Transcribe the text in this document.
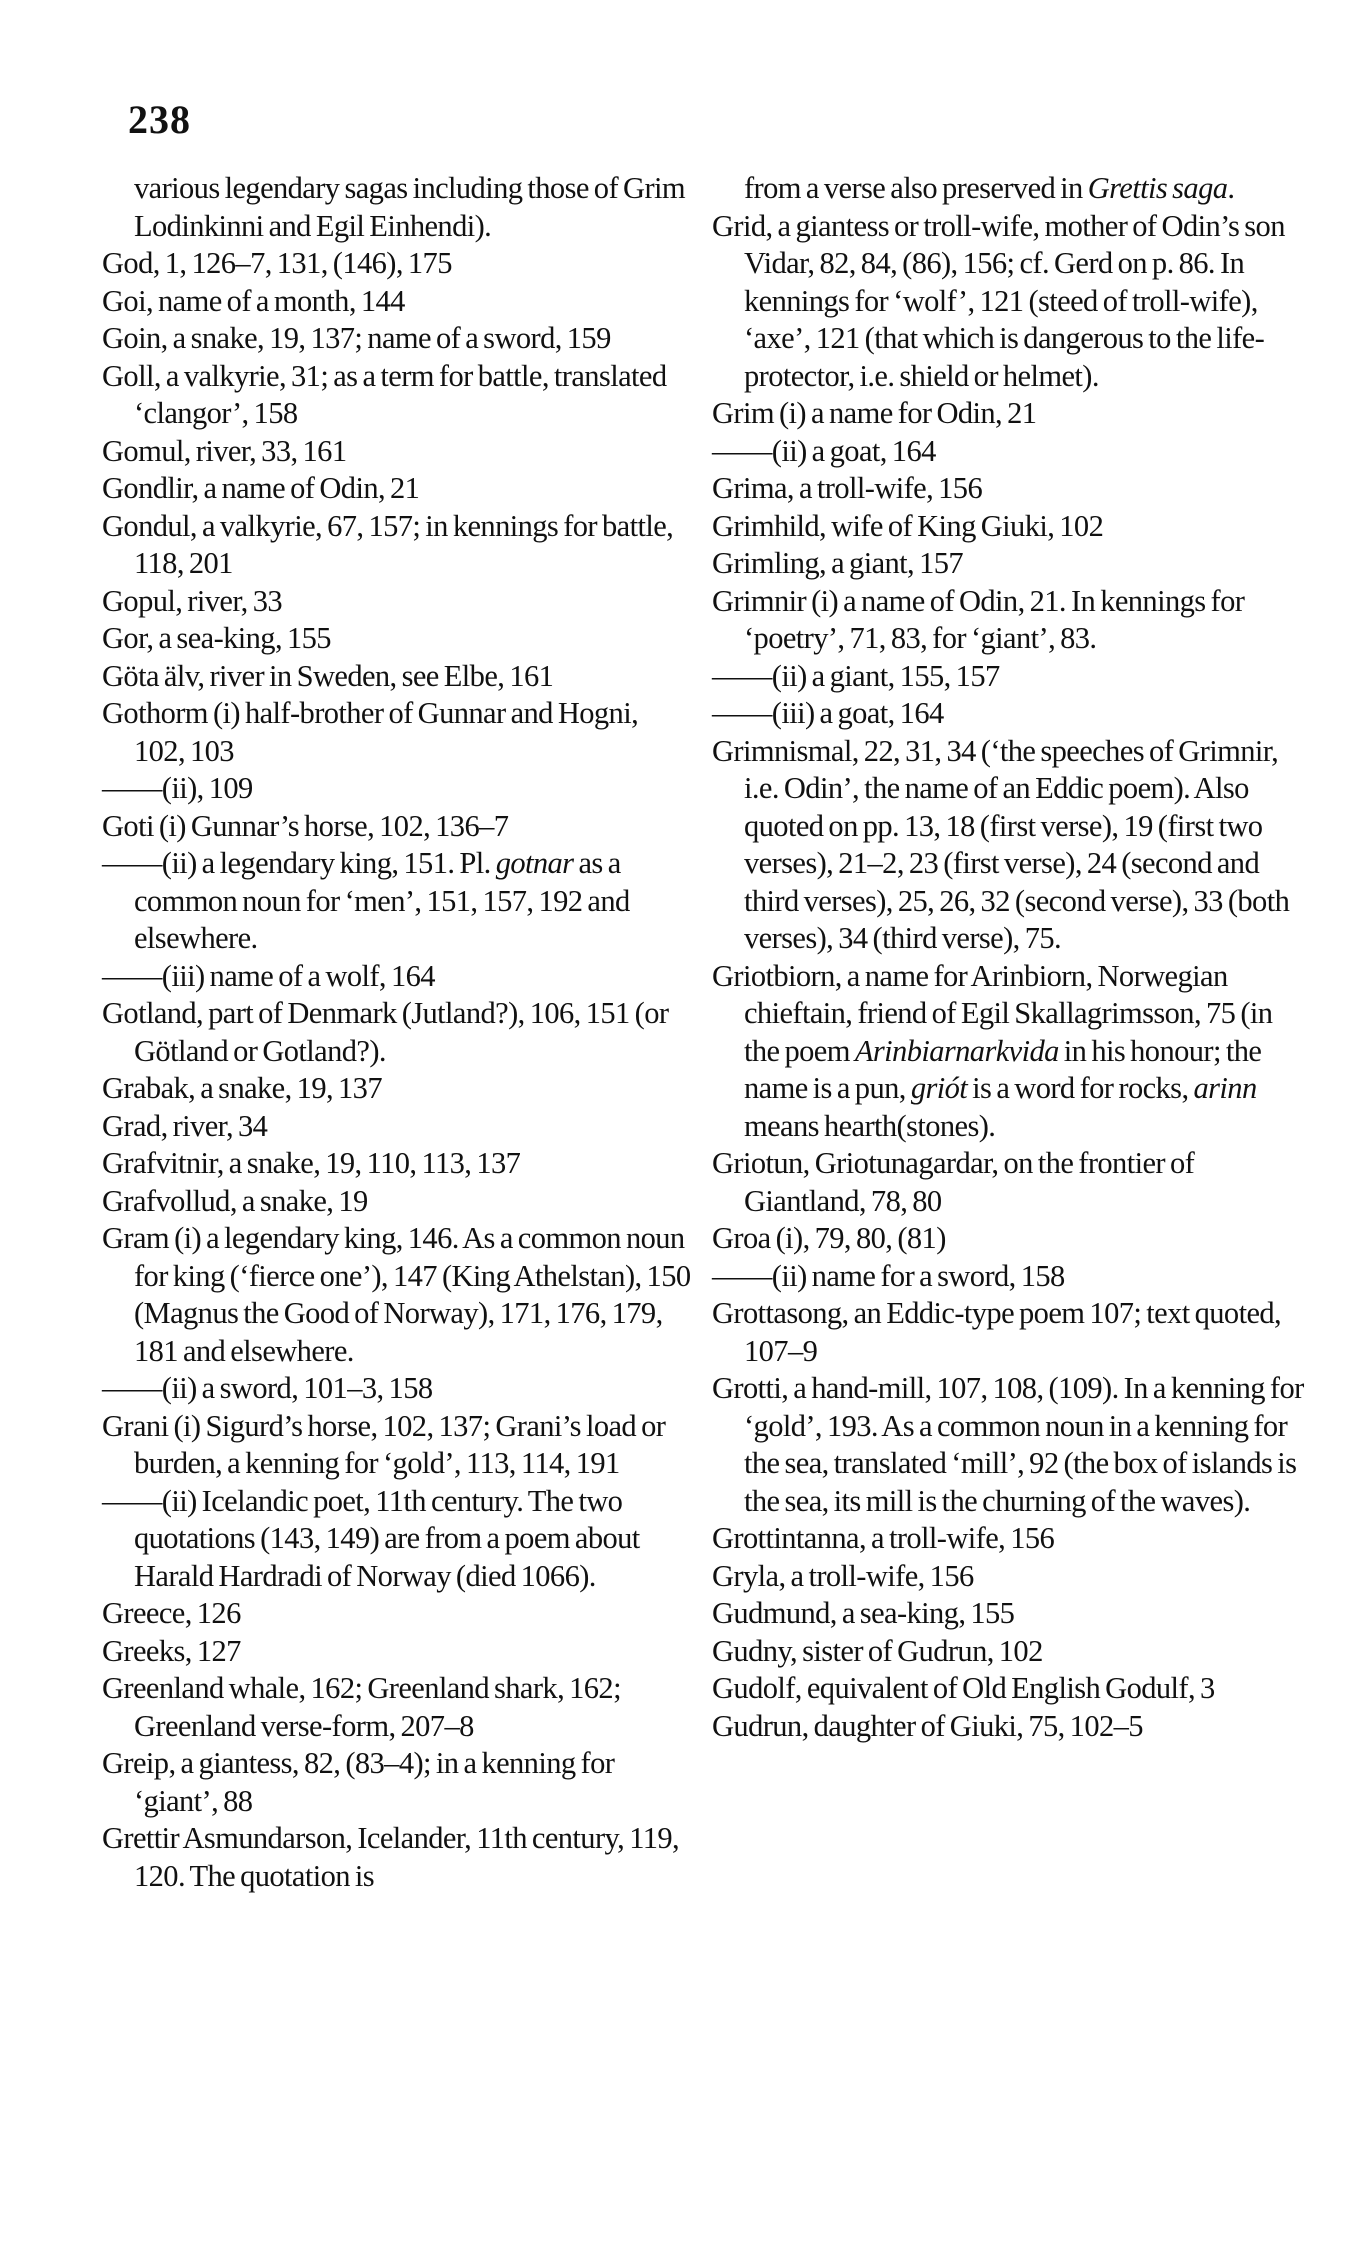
238
various legendary sagas including those of Grim Lodinkinni and Egil Einhendi).
God, 1, 126–7, 131, (146), 175
Goi, name of a month, 144
Goin, a snake, 19, 137; name of a sword, 159
Goll, a valkyrie, 31; as a term for battle, translated ‘clangor’, 158
Gomul, river, 33, 161
Gondlir, a name of Odin, 21
Gondul, a valkyrie, 67, 157; in kennings for battle, 118, 201
Gopul, river, 33
Gor, a sea-king, 155
Göta älv, river in Sweden, see Elbe, 161
Gothorm (i) half-brother of Gunnar and Hogni, 102, 103
——(ii), 109
Goti (i) Gunnar’s horse, 102, 136–7
——(ii) a legendary king, 151. Pl. gotnar as a common noun for ‘men’, 151, 157, 192 and elsewhere.
——(iii) name of a wolf, 164
Gotland, part of Denmark (Jutland?), 106, 151 (or Götland or Gotland?).
Grabak, a snake, 19, 137
Grad, river, 34
Grafvitnir, a snake, 19, 110, 113, 137
Grafvollud, a snake, 19
Gram (i) a legendary king, 146. As a common noun for king (‘fierce one’), 147 (King Athelstan), 150 (Magnus the Good of Norway), 171, 176, 179, 181 and elsewhere.
——(ii) a sword, 101–3, 158
Grani (i) Sigurd’s horse, 102, 137; Grani’s load or burden, a kenning for ‘gold’, 113, 114, 191
——(ii) Icelandic poet, 11th century. The two quotations (143, 149) are from a poem about Harald Hardradi of Norway (died 1066).
Greece, 126
Greeks, 127
Greenland whale, 162; Greenland shark, 162; Greenland verse-form, 207–8
Greip, a giantess, 82, (83–4); in a kenning for ‘giant’, 88
Grettir Asmundarson, Icelander, 11th century, 119, 120. The quotation is
from a verse also preserved in Grettis saga.
Grid, a giantess or troll-wife, mother of Odin’s son Vidar, 82, 84, (86), 156; cf. Gerd on p. 86. In kennings for ‘wolf’, 121 (steed of troll-wife), ‘axe’, 121 (that which is dangerous to the life-protector, i.e. shield or helmet).
Grim (i) a name for Odin, 21
——(ii) a goat, 164
Grima, a troll-wife, 156
Grimhild, wife of King Giuki, 102
Grimling, a giant, 157
Grimnir (i) a name of Odin, 21. In kennings for ‘poetry’, 71, 83, for ‘giant’, 83.
——(ii) a giant, 155, 157
——(iii) a goat, 164
Grimnismal, 22, 31, 34 (‘the speeches of Grimnir, i.e. Odin’, the name of an Eddic poem). Also quoted on pp. 13, 18 (first verse), 19 (first two verses), 21–2, 23 (first verse), 24 (second and third verses), 25, 26, 32 (second verse), 33 (both verses), 34 (third verse), 75.
Griotbiorn, a name for Arinbiorn, Norwegian chieftain, friend of Egil Skallagrimsson, 75 (in the poem Arinbiarnarkvida in his honour; the name is a pun, griót is a word for rocks, arinn means hearth(stones).
Griotun, Griotunagardar, on the frontier of Giantland, 78, 80
Groa (i), 79, 80, (81)
——(ii) name for a sword, 158
Grottasong, an Eddic-type poem 107; text quoted, 107–9
Grotti, a hand-mill, 107, 108, (109). In a kenning for ‘gold’, 193. As a common noun in a kenning for the sea, translated ‘mill’, 92 (the box of islands is the sea, its mill is the churning of the waves).
Grottintanna, a troll-wife, 156
Gryla, a troll-wife, 156
Gudmund, a sea-king, 155
Gudny, sister of Gudrun, 102
Gudolf, equivalent of Old English Godulf, 3
Gudrun, daughter of Giuki, 75, 102–5
